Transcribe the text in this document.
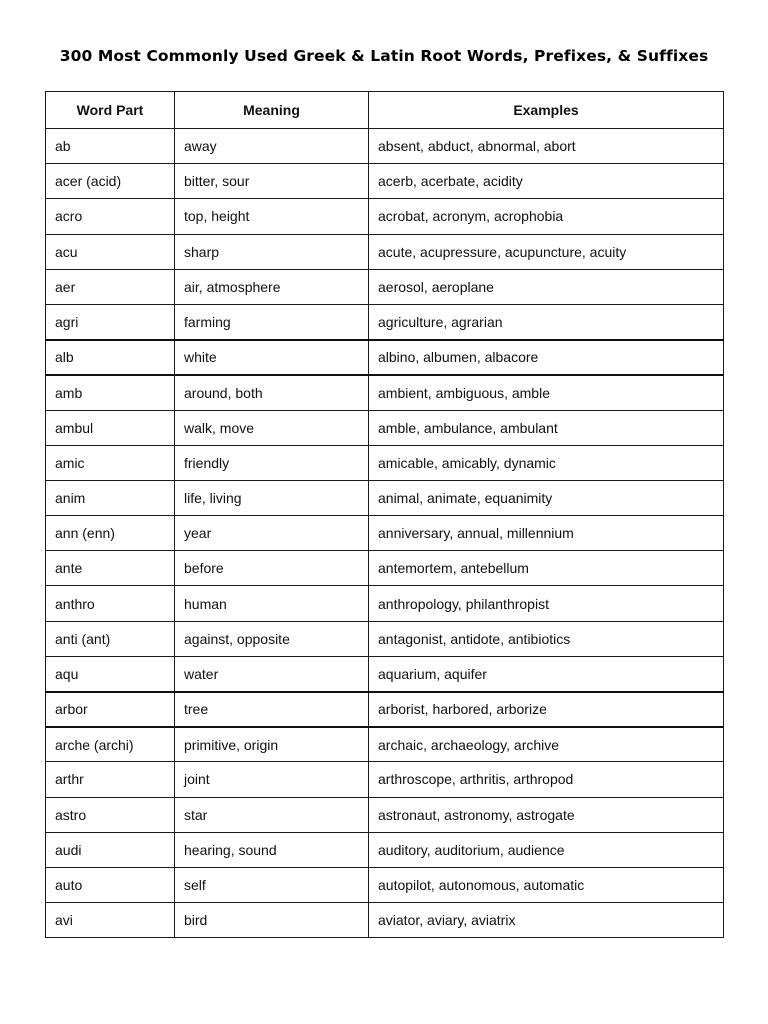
300 Most Commonly Used Greek & Latin Root Words, Prefixes, & Suffixes
Word Part	Meaning	Examples
ab	away	absent, abduct, abnormal, abort
acer (acid)	bitter, sour	acerb, acerbate, acidity
acro	top, height	acrobat, acronym, acrophobia
acu	sharp	acute, acupressure, acupuncture, acuity
aer	air, atmosphere	aerosol, aeroplane
agri	farming	agriculture, agrarian
alb	white	albino, albumen, albacore
amb	around, both	ambient, ambiguous, amble
ambul	walk, move	amble, ambulance, ambulant
amic	friendly	amicable, amicably, dynamic
anim	life, living	animal, animate, equanimity
ann (enn)	year	anniversary, annual, millennium
ante	before	antemortem, antebellum
anthro	human	anthropology, philanthropist
anti (ant)	against, opposite	antagonist, antidote, antibiotics
aqu	water	aquarium, aquifer
arbor	tree	arborist, harbored, arborize
arche (archi)	primitive, origin	archaic, archaeology, archive
arthr	joint	arthroscope, arthritis, arthropod
astro	star	astronaut, astronomy, astrogate
audi	hearing, sound	auditory, auditorium, audience
auto	self	autopilot, autonomous, automatic
avi	bird	aviator, aviary, aviatrix
